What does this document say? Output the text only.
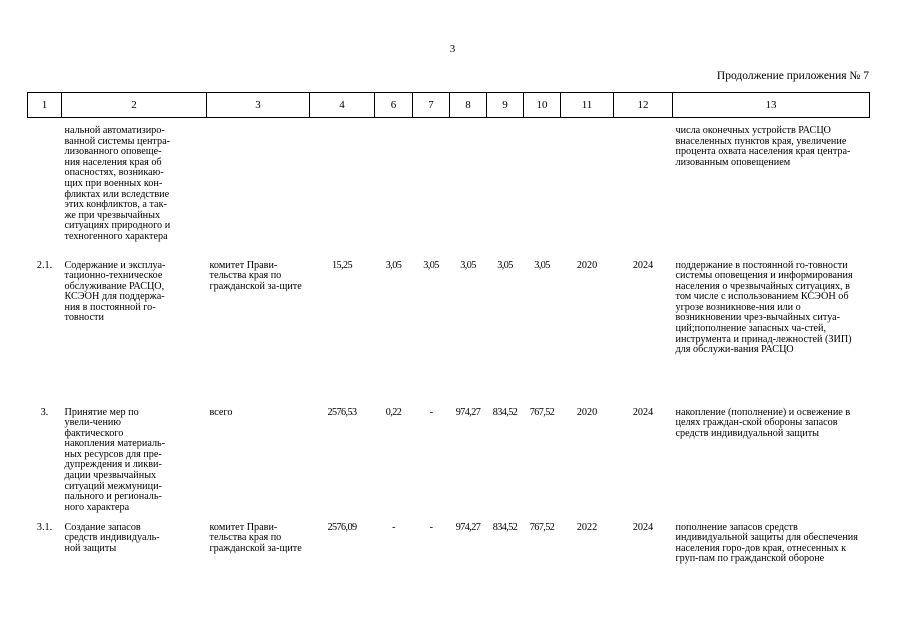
3
Продолжение приложения № 7
1	2	3	4	6	7	8	9	10	11	12	13
	нальной автоматизиро-ванной системы центра-лизованного оповеще-ния населения края об опасностях, возникаю-щих при военных кон-фликтах или вследствие этих конфликтов, а так-же при чрезвычайных ситуациях природного и техногенного характера										числа оконечных устройств РАСЦО внаселенных пунктов края, увеличение процента охвата населения края центра-лизованным оповещением
2.1.	Содержание и эксплуа-тационно-техническое обслуживание РАСЦО, КСЭОН для поддержа-ния в постоянной го-товности	комитет Прави-тельства края по гражданской за-щите	15,25	3,05	3,05	3,05	3,05	3,05	2020	2024	поддержание в постоянной го-товности системы оповещения и информирования населения о чрезвычайных ситуациях, в том числе с использованием КСЭОН об угрозе возникнове-ния или о возникновении чрез-вычайных ситуа-ций;пополнение запасных ча-стей, инструмента и принад-лежностей (ЗИП) для обслужи-вания РАСЦО
3.	Принятие мер по увели-чению фактического накопления материаль-ных ресурсов для пре-дупреждения и ликви-дации чрезвычайных ситуаций межмуници-пального и региональ-ного характера	всего	2576,53	0,22	-	974,27	834,52	767,52	2020	2024	накопление (пополнение) и освежение в целях граждан-ской обороны запасов средств индивидуальной защиты
3.1.	Создание запасов средств индивидуаль-ной защиты	комитет Прави-тельства края по гражданской за-щите	2576,09	-	-	974,27	834,52	767,52	2022	2024	пополнение запасов средств индивидуальной защиты для обеспечения населения горо-дов края, отнесенных к груп-пам по гражданской обороне
